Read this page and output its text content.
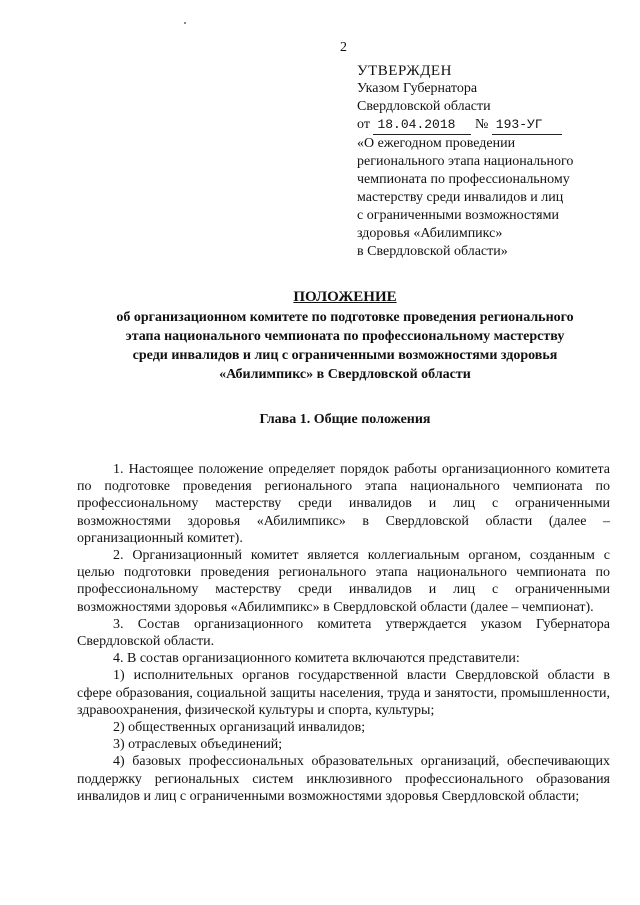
2
УТВЕРЖДЕН
Указом Губернатора
Свердловской области
от 18.04.2018 № 193-УГ
«О ежегодном проведении
регионального этапа национального
чемпионата по профессиональному
мастерству среди инвалидов и лиц
с ограниченными возможностями
здоровья «Абилимпикс»
в Свердловской области»
ПОЛОЖЕНИЕ
об организационном комитете по подготовке проведения регионального
этапа национального чемпионата по профессиональному мастерству
среди инвалидов и лиц с ограниченными возможностями здоровья
«Абилимпикс» в Свердловской области
Глава 1. Общие положения

1. Настоящее положение определяет порядок работы организационного комитета по подготовке проведения регионального этапа национального чемпионата по профессиональному мастерству среди инвалидов и лиц с ограниченными возможностями здоровья «Абилимпикс» в Свердловской области (далее – организационный комитет).

2. Организационный комитет является коллегиальным органом, созданным с целью подготовки проведения регионального этапа национального чемпионата по профессиональному мастерству среди инвалидов и лиц с ограниченными возможностями здоровья «Абилимпикс» в Свердловской области (далее – чемпионат).

3. Состав организационного комитета утверждается указом Губернатора Свердловской области.

4. В состав организационного комитета включаются представители:

1) исполнительных органов государственной власти Свердловской области в сфере образования, социальной защиты населения, труда и занятости, промышленности, здравоохранения, физической культуры и спорта, культуры;

2) общественных организаций инвалидов;

3) отраслевых объединений;

4) базовых профессиональных образовательных организаций, обеспечивающих поддержку региональных систем инклюзивного профессионального образования инвалидов и лиц с ограниченными возможностями здоровья Свердловской области;
